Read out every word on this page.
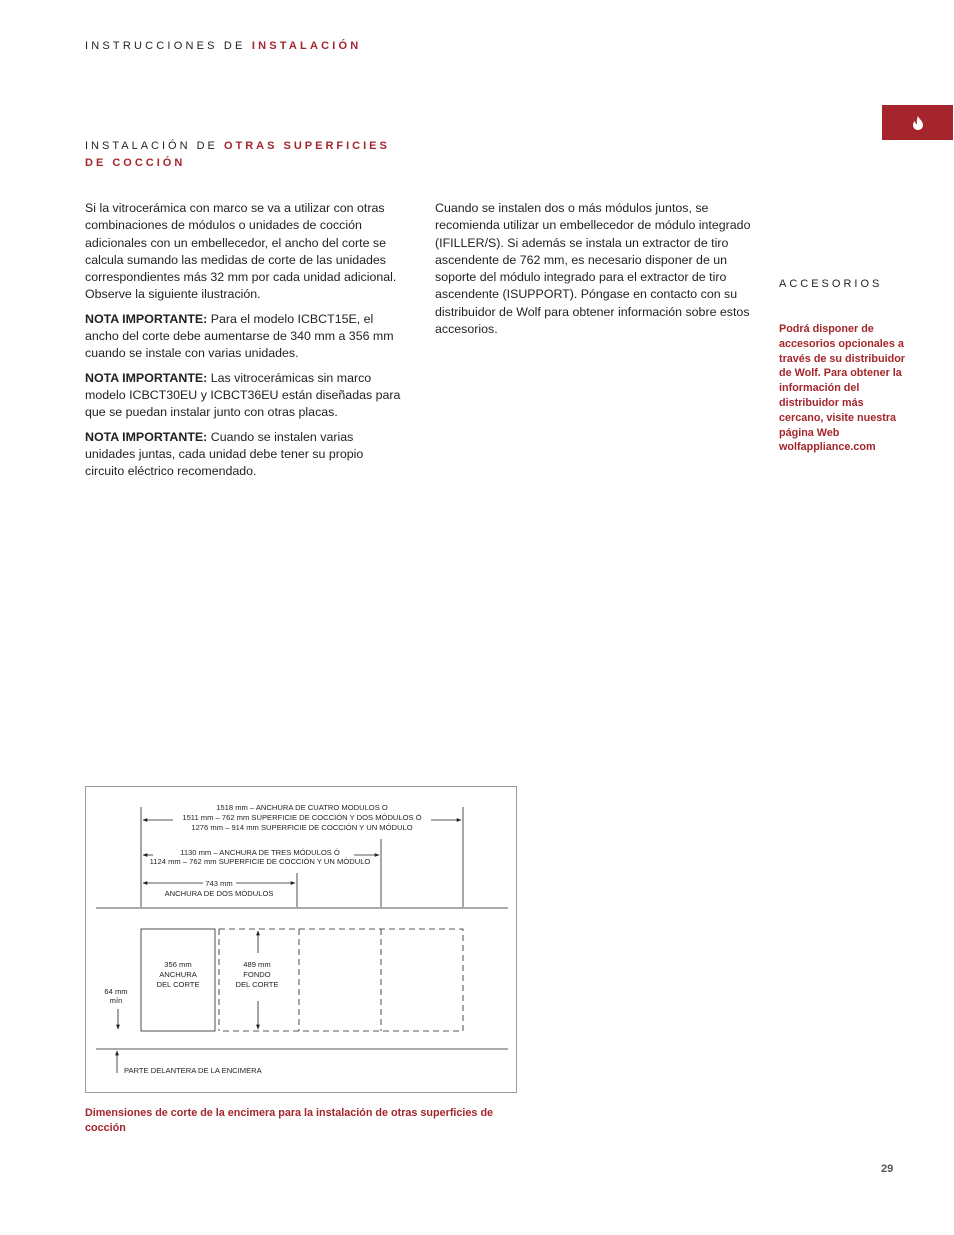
INSTRUCCIONES DE INSTALACIÓN
INSTALACIÓN DE OTRAS SUPERFICIES
DE COCCIÓN

Si la vitrocerámica con marco se va a utilizar con otras combinaciones de módulos o unidades de cocción adicionales con un embellecedor, el ancho del corte se calcula sumando las medidas de corte de las unidades correspondientes más 32 mm por cada unidad adicional. Observe la siguiente ilustración.

NOTA IMPORTANTE: Para el modelo ICBCT15E, el ancho del corte debe aumentarse de 340 mm a 356 mm cuando se instale con varias unidades.

NOTA IMPORTANTE: Las vitrocerámicas sin marco modelo ICBCT30EU y ICBCT36EU están diseñadas para que se puedan instalar junto con otras placas.

NOTA IMPORTANTE: Cuando se instalen varias unidades juntas, cada unidad debe tener su propio circuito eléctrico recomendado.

Cuando se instalen dos o más módulos juntos, se recomienda utilizar un embellecedor de módulo integrado (IFILLER/S). Si además se instala un extractor de tiro ascendente de 762 mm, es necesario disponer de un soporte del módulo integrado para el extractor de tiro ascendente (ISUPPORT). Póngase en contacto con su distribuidor de Wolf para obtener información sobre estos accesorios.

ACCESORIOS
Podrá disponer de accesorios opcionales a través de su distribuidor de Wolf. Para obtener la información del distribuidor más cercano, visite nuestra página Web wolfappliance.com
1518 mm – ANCHURA DE CUATRO MODULOS O
1511 mm – 762 mm SUPERFICIE DE COCCIÓN Y DOS MÓDULOS Ó
1276 mm – 914 mm SUPERFICIE DE COCCIÓN Y UN MÓDULO
1130 mm – ANCHURA DE TRES MÓDULOS Ó
1124 mm – 762 mm SUPERFICIE DE COCCIÓN Y UN MÓDULO
743 mm
ANCHURA DE DOS MÓDULOS
356 mm
ANCHURA
DEL CORTE
489 mm
FONDO
DEL CORTE
64 mm
mín
PARTE DELANTERA DE LA ENCIMERA
Dimensiones de corte de la encimera para la instalación de otras superficies de cocción
29
